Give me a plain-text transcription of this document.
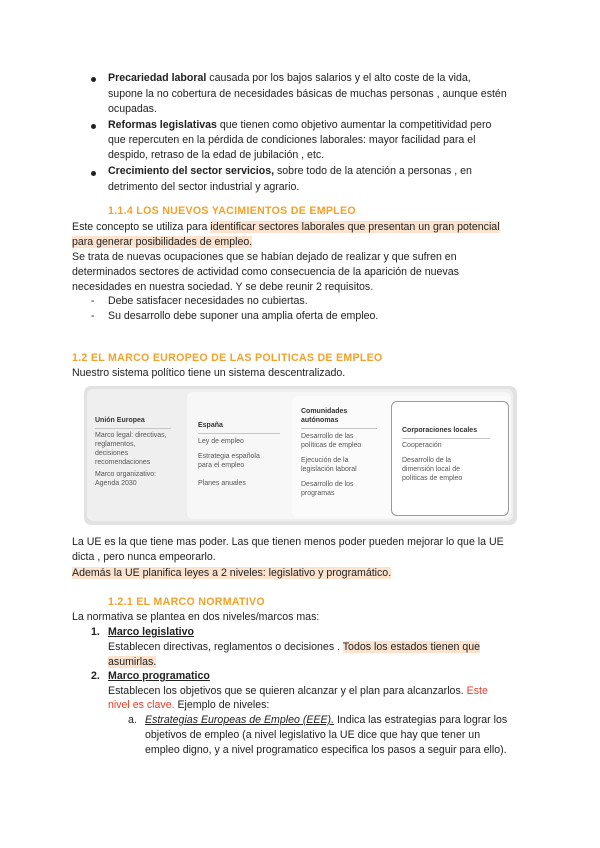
Precariedad laboral causada por los bajos salarios y el alto coste de la vida,
supone la no cobertura de necesidades básicas de muchas personas , aunque estén
ocupadas.
Reformas legislativas que tienen como objetivo aumentar la competitividad pero
que repercuten en la pérdida de condiciones laborales: mayor facilidad para el
despido, retraso de la edad de jubilación , etc.
Crecimiento del sector servicios, sobre todo de la atención a personas , en
detrimento del sector industrial y agrario.
1.1.4 LOS NUEVOS YACIMIENTOS DE EMPLEO
Este concepto se utiliza para identificar sectores laborales que presentan un gran potencial
para generar posibilidades de empleo.
Se trata de nuevas ocupaciones que se habían dejado de realizar y que sufren en
determinados sectores de actividad como consecuencia de la aparición de nuevas
necesidades en nuestra sociedad. Y se debe reunir 2 requisitos.
- Debe satisfacer necesidades no cubiertas.
- Su desarrollo debe suponer una amplia oferta de empleo.
1.2 EL MARCO EUROPEO DE LAS POLITICAS DE EMPLEO
Nuestro sistema político tiene un sistema descentralizado.
Unión Europea
Marco legal: directivas,
reglamentos,
decisiones
recomendaciones
Marco organizativo:
Agenda 2030
España
Ley de empleo
Estrategia española
para el empleo
Planes anuales
Comunidades
autónomas
Desarrollo de las
políticas de empleo
Ejecución de la
legislación laboral
Desarrollo de los
programas
Corporaciones locales
Cooperación
Desarrollo de la
dimensión local de
políticas de empleo
La UE es la que tiene mas poder. Las que tienen menos poder pueden mejorar lo que la UE
dicta , pero nunca empeorarlo.
Además la UE planifica leyes a 2 niveles: legislativo y programático.
1.2.1 EL MARCO NORMATIVO
La normativa se plantea en dos niveles/marcos mas:
1. Marco legislativo
Establecen directivas, reglamentos o decisiones . Todos los estados tienen que
asumirlas.
2. Marco programatico
Establecen los objetivos que se quieren alcanzar y el plan para alcanzarlos. Este
nivel es clave. Ejemplo de niveles:
a. Estrategias Europeas de Empleo (EEE). Indica las estrategias para lograr los
objetivos de empleo (a nivel legislativo la UE dice que hay que tener un
empleo digno, y a nivel programatico especifica los pasos a seguir para ello).
